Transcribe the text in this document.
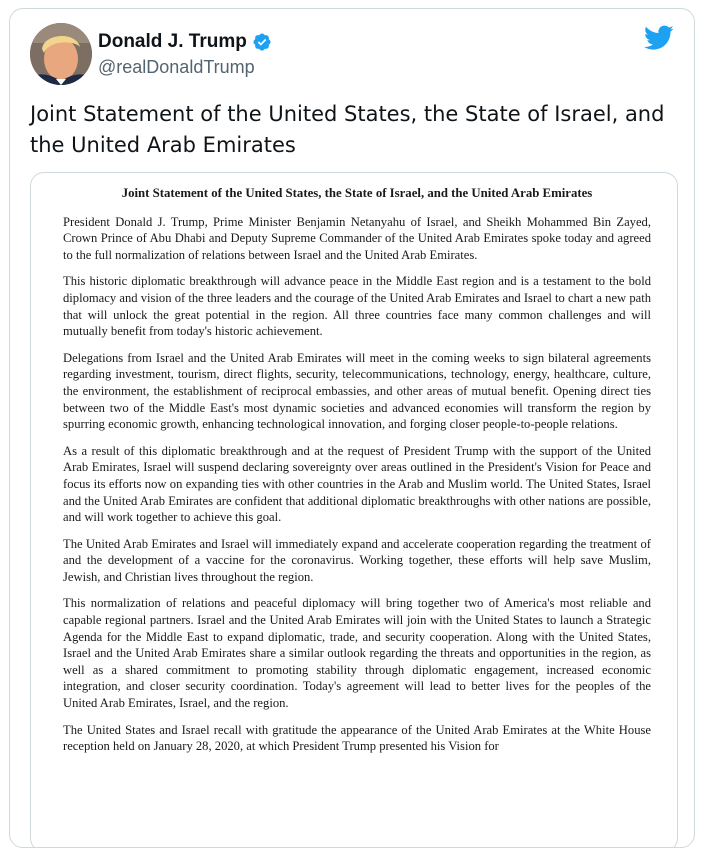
Donald J. Trump
@realDonaldTrump
Joint Statement of the United States, the State of Israel, and the United Arab Emirates
Joint Statement of the United States, the State of Israel, and the United Arab Emirates

President Donald J. Trump, Prime Minister Benjamin Netanyahu of Israel, and Sheikh Mohammed Bin Zayed, Crown Prince of Abu Dhabi and Deputy Supreme Commander of the United Arab Emirates spoke today and agreed to the full normalization of relations between Israel and the United Arab Emirates.

This historic diplomatic breakthrough will advance peace in the Middle East region and is a testament to the bold diplomacy and vision of the three leaders and the courage of the United Arab Emirates and Israel to chart a new path that will unlock the great potential in the region. All three countries face many common challenges and will mutually benefit from today's historic achievement.

Delegations from Israel and the United Arab Emirates will meet in the coming weeks to sign bilateral agreements regarding investment, tourism, direct flights, security, telecommunications, technology, energy, healthcare, culture, the environment, the establishment of reciprocal embassies, and other areas of mutual benefit. Opening direct ties between two of the Middle East's most dynamic societies and advanced economies will transform the region by spurring economic growth, enhancing technological innovation, and forging closer people-to-people relations.

As a result of this diplomatic breakthrough and at the request of President Trump with the support of the United Arab Emirates, Israel will suspend declaring sovereignty over areas outlined in the President's Vision for Peace and focus its efforts now on expanding ties with other countries in the Arab and Muslim world. The United States, Israel and the United Arab Emirates are confident that additional diplomatic breakthroughs with other nations are possible, and will work together to achieve this goal.

The United Arab Emirates and Israel will immediately expand and accelerate cooperation regarding the treatment of and the development of a vaccine for the coronavirus. Working together, these efforts will help save Muslim, Jewish, and Christian lives throughout the region.

This normalization of relations and peaceful diplomacy will bring together two of America's most reliable and capable regional partners. Israel and the United Arab Emirates will join with the United States to launch a Strategic Agenda for the Middle East to expand diplomatic, trade, and security cooperation. Along with the United States, Israel and the United Arab Emirates share a similar outlook regarding the threats and opportunities in the region, as well as a shared commitment to promoting stability through diplomatic engagement, increased economic integration, and closer security coordination. Today's agreement will lead to better lives for the peoples of the United Arab Emirates, Israel, and the region.

The United States and Israel recall with gratitude the appearance of the United Arab Emirates at the White House reception held on January 28, 2020, at which President Trump presented his Vision for
